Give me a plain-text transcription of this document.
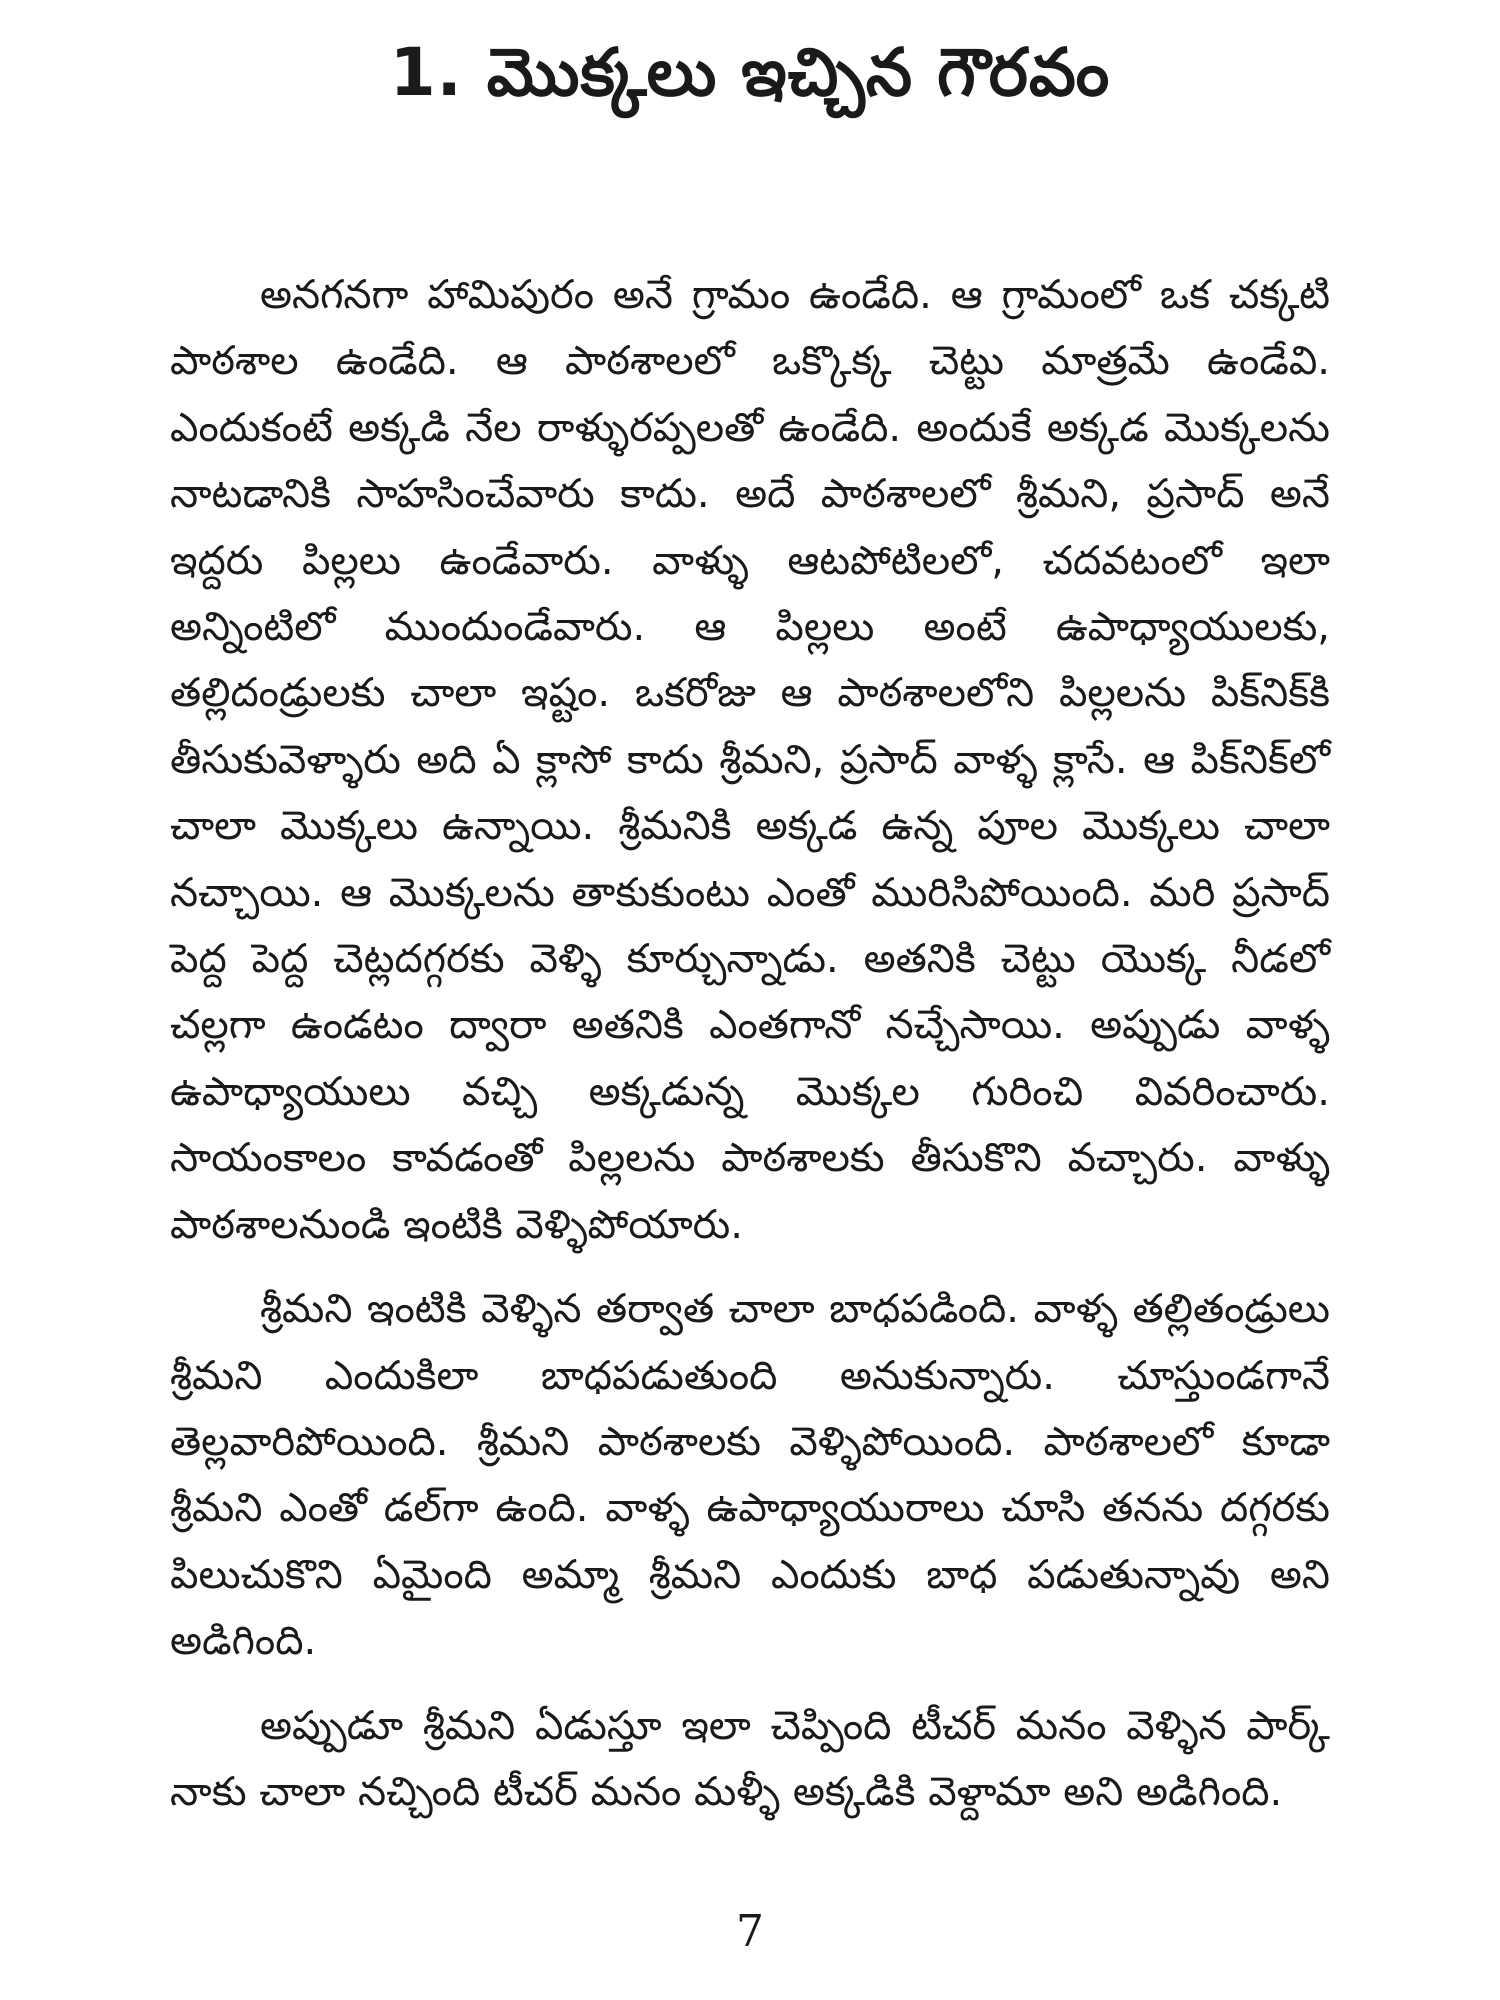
1. మొక్కలు ఇచ్చిన గౌరవం

అనగనగా హామిపురం అనే గ్రామం ఉండేది. ఆ గ్రామంలో ఒక చక్కటి పాఠశాల ఉండేది. ఆ పాఠశాలలో ఒక్కొక్క చెట్టు మాత్రమే ఉండేవి. ఎందుకంటే అక్కడి నేల రాళ్ళురప్పలతో ఉండేది. అందుకే అక్కడ మొక్కలను నాటడానికి సాహసించేవారు కాదు. అదే పాఠశాలలో శ్రీమని, ప్రసాద్ అనే ఇద్దరు పిల్లలు ఉండేవారు. వాళ్ళు ఆటపోటిలలో, చదవటంలో ఇలా అన్నింటిలో ముందుండేవారు. ఆ పిల్లలు అంటే ఉపాధ్యాయులకు, తల్లిదండ్రులకు చాలా ఇష్టం. ఒకరోజు ఆ పాఠశాలలోని పిల్లలను పిక్‌నిక్‌కి తీసుకువెళ్ళారు అది ఏ క్లాసో కాదు శ్రీమని, ప్రసాద్ వాళ్ళ క్లాసే. ఆ పిక్‌నిక్‌లో చాలా మొక్కలు ఉన్నాయి. శ్రీమనికి అక్కడ ఉన్న పూల మొక్కలు చాలా నచ్చాయి. ఆ మొక్కలను తాకుకుంటు ఎంతో మురిసిపోయింది. మరి ప్రసాద్ పెద్ద పెద్ద చెట్లదగ్గరకు వెళ్ళి కూర్చున్నాడు. అతనికి చెట్టు యొక్క నీడలో చల్లగా ఉండటం ద్వారా అతనికి ఎంతగానో నచ్చేసాయి. అప్పుడు వాళ్ళ ఉపాధ్యాయులు వచ్చి అక్కడున్న మొక్కల గురించి వివరించారు. సాయంకాలం కావడంతో పిల్లలను పాఠశాలకు తీసుకొని వచ్చారు. వాళ్ళు పాఠశాలనుండి ఇంటికి వెళ్ళిపోయారు.

శ్రీమని ఇంటికి వెళ్ళిన తర్వాత చాలా బాధపడింది. వాళ్ళ తల్లితండ్రులు శ్రీమని ఎందుకిలా బాధపడుతుంది అనుకున్నారు. చూస్తుండగానే తెల్లవారిపోయింది. శ్రీమని పాఠశాలకు వెళ్ళిపోయింది. పాఠశాలలో కూడా శ్రీమని ఎంతో డల్‌గా ఉంది. వాళ్ళ ఉపాధ్యాయురాలు చూసి తనను దగ్గరకు పిలుచుకొని ఏమైంది అమ్మా శ్రీమని ఎందుకు బాధ పడుతున్నావు అని అడిగింది.

అప్పుడూ శ్రీమని ఏడుస్తూ ఇలా చెప్పింది టీచర్ మనం వెళ్ళిన పార్క్ నాకు చాలా నచ్చింది టీచర్ మనం మళ్ళీ అక్కడికి వెళ్దామా అని అడిగింది.

7
